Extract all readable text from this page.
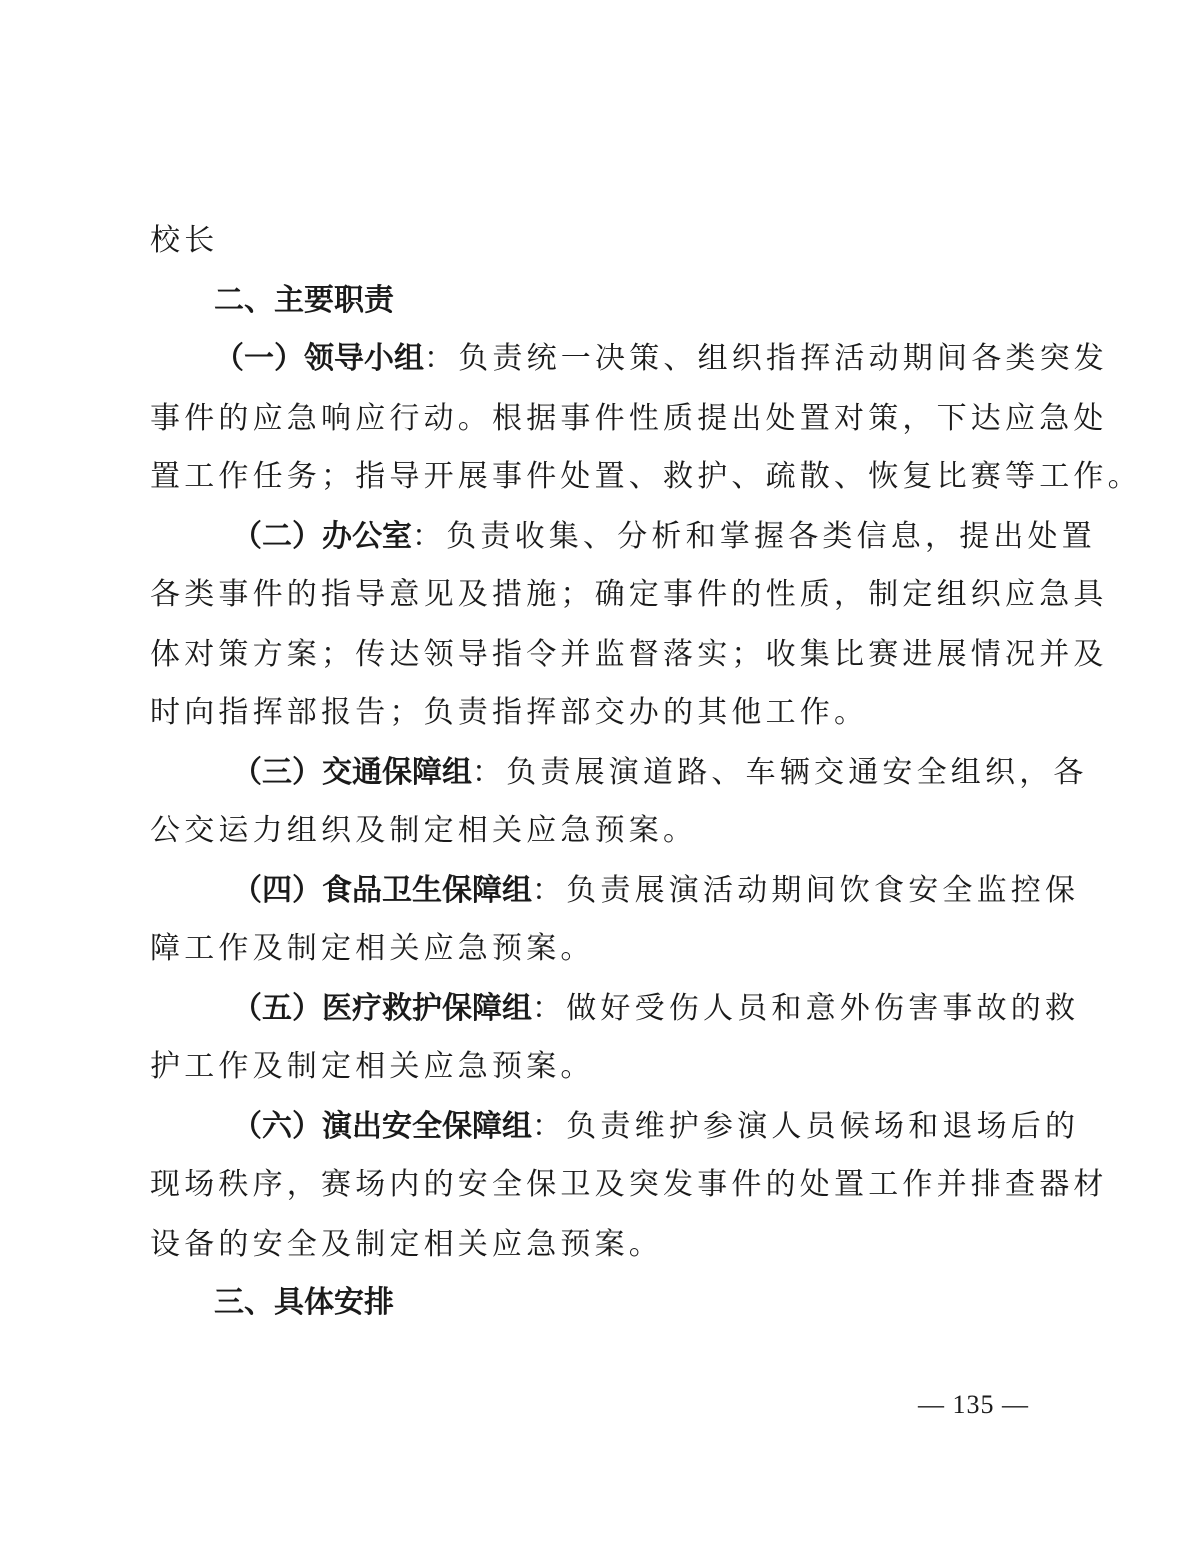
校长
二、主要职责
（一）领导小组：负责统一决策、组织指挥活动期间各类突发
事件的应急响应行动。根据事件性质提出处置对策，下达应急处
置工作任务；指导开展事件处置、救护、疏散、恢复比赛等工作。
（二）办公室：负责收集、分析和掌握各类信息，提出处置
各类事件的指导意见及措施；确定事件的性质，制定组织应急具
体对策方案；传达领导指令并监督落实；收集比赛进展情况并及
时向指挥部报告；负责指挥部交办的其他工作。
（三）交通保障组：负责展演道路、车辆交通安全组织，各
公交运力组织及制定相关应急预案。
（四）食品卫生保障组：负责展演活动期间饮食安全监控保
障工作及制定相关应急预案。
（五）医疗救护保障组：做好受伤人员和意外伤害事故的救
护工作及制定相关应急预案。
（六）演出安全保障组：负责维护参演人员候场和退场后的
现场秩序，赛场内的安全保卫及突发事件的处置工作并排查器材
设备的安全及制定相关应急预案。
三、具体安排
— 135 —
